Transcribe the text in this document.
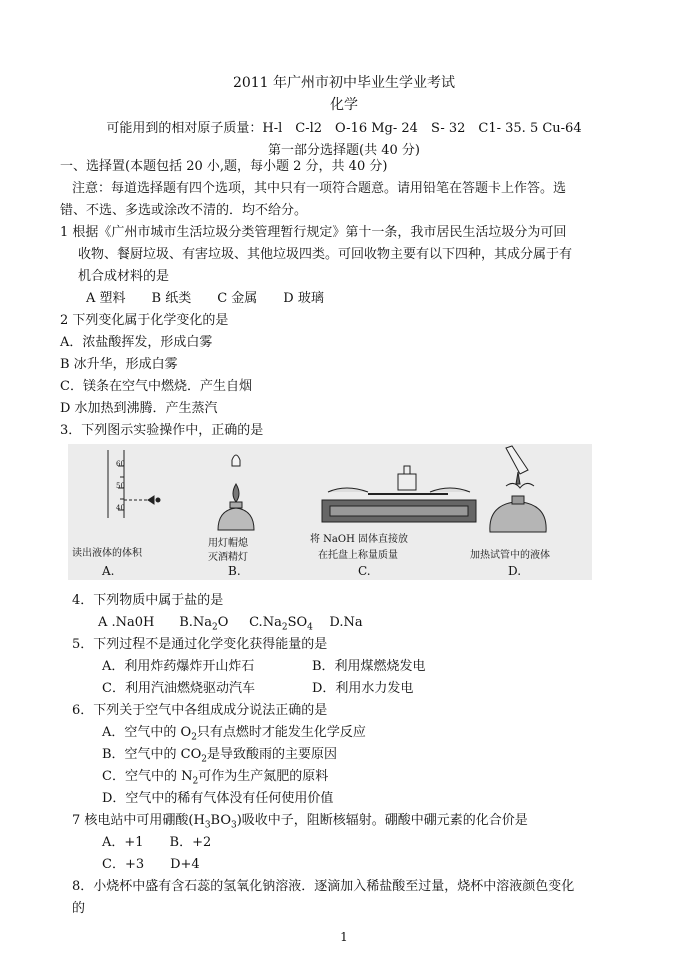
2011 年广州市初中毕业生学业考试
化学
可能用到的相对原子质量：H-l　C-l2　O-16 Mg- 24　S- 32　C1- 35. 5 Cu-64
第一部分选择题(共 40 分)
一、选择置(本题包括 20 小,题，每小题 2 分，共 40 分)
注意：每道选择题有四个选项，其中只有一项符合题意。请用铅笔在答题卡上作答。选
错、不选、多选或涂改不清的．均不给分。
1 根据《广州市城市生活垃圾分类管理暂行规定》第十一条，我市居民生活垃圾分为可回
收物、餐厨垃圾、有害垃圾、其他垃圾四类。可回收物主要有以下四种，其成分属于有
机合成材料的是
A 塑料　　B 纸类　　C 金属　　D 玻璃
2 下列变化属于化学变化的是
A．浓盐酸挥发，形成白雾
B 冰升华，形成白雾
C．镁条在空气中燃烧．产生自烟
D 水加热到沸腾．产生蒸汽
3．下列图示实验操作中，正确的是
60
50
40
读出液体的体积
用灯帽熄
灭酒精灯
将 NaOH 固体直接放
在托盘上称量质量	加热试管中的液体
A.	B.	C.	D.
4．下列物质中属于盐的是
A .Na0H $B.Na_2O$ $C.Na_2SO_4$ D.Na
5．下列过程不是通过化学变化获得能量的是
A．利用炸药爆炸开山炸石	B．利用煤燃烧发电
C．利用汽油燃烧驱动汽车	D．利用水力发电
6．下列关于空气中各组成成分说法正确的是
A．空气中的 $O_2$只有点燃时才能发生化学反应
B．空气中的 $CO_2$是导致酸雨的主要原因
C．空气中的 $N_2$可作为生产氮肥的原料
D．空气中的稀有气体没有任何使用价值
7 核电站中可用硼酸$(H_3BO_3)$吸收中子，阻断核辐射。硼酸中硼元素的化合价是
A．+1　　B．+2
C．+3　　D+4
8．小烧杯中盛有含石蕊的氢氧化钠溶液．逐滴加入稀盐酸至过量，烧杯中溶液颜色变化
的
1
